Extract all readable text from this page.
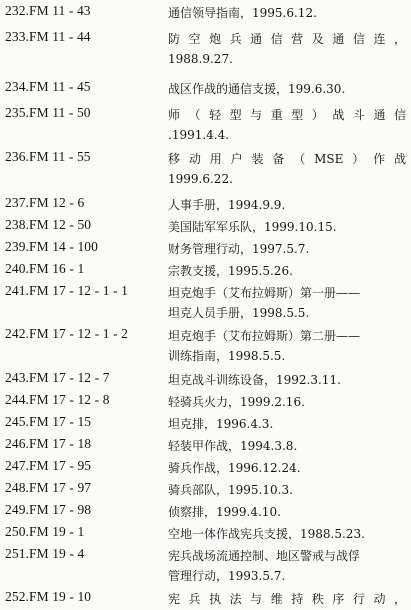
232.FM 11 - 43	通信领导指南，1995.6.12.
233.FM 11 - 44	防空炮兵通信营及通信连，
1988.9.27.
234.FM 11 - 45	战区作战的通信支援，199.6.30.
235.FM 11 - 50	师（轻型与重型）战斗通信
.1991.4.4.
236.FM 11 - 55	移动用户装备（MSE）作战
1999.6.22.
237.FM 12 - 6	人事手册，1994.9.9.
238.FM 12 - 50	美国陆军军乐队，1999.10.15.
239.FM 14 - 100	财务管理行动，1997.5.7.
240.FM 16 - 1	宗教支援，1995.5.26.
241.FM 17 - 12 - 1 - 1	坦克炮手（艾布拉姆斯）第一册——
坦克人员手册，1998.5.5.
242.FM 17 - 12 - 1 - 2	坦克炮手（艾布拉姆斯）第二册——
训练指南，1998.5.5.
243.FM 17 - 12 - 7	坦克战斗训练设备，1992.3.11.
244.FM 17 - 12 - 8	轻骑兵火力，1999.2.16.
245.FM 17 - 15	坦克排，1996.4.3.
246.FM 17 - 18	轻装甲作战，1994.3.8.
247.FM 17 - 95	骑兵作战，1996.12.24.
248.FM 17 - 97	骑兵部队，1995.10.3.
249.FM 17 - 98	侦察排，1999.4.10.
250.FM 19 - 1	空地一体作战宪兵支援，1988.5.23.
251.FM 19 - 4	宪兵战场流通控制、地区警戒与战俘
管理行动，1993.5.7.
252.FM 19 - 10	宪兵执法与维持秩序行动，
